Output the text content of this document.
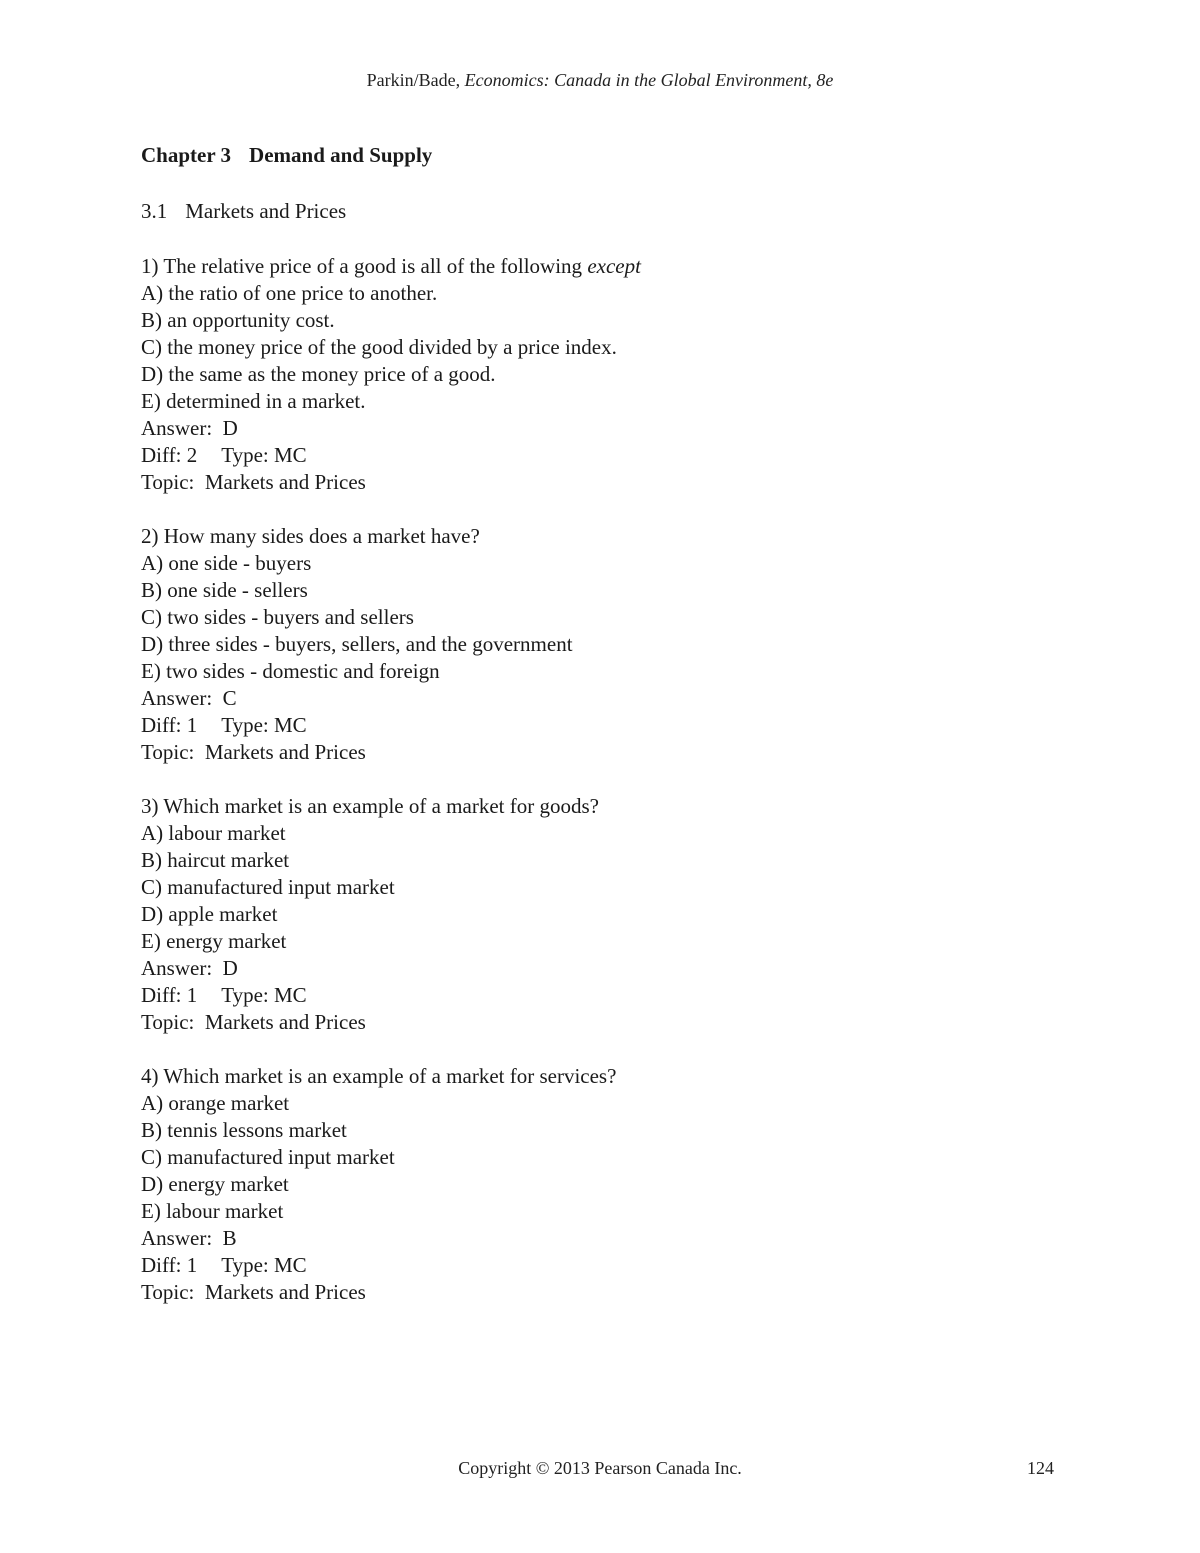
Parkin/Bade, Economics: Canada in the Global Environment, 8e
Chapter 3 Demand and Supply
3.1 Markets and Prices
1) The relative price of a good is all of the following except
A) the ratio of one price to another.
B) an opportunity cost.
C) the money price of the good divided by a price index.
D) the same as the money price of a good.
E) determined in a market.
Answer:  D
Diff: 2 Type: MC
Topic:  Markets and Prices
2) How many sides does a market have?
A) one side - buyers
B) one side - sellers
C) two sides - buyers and sellers
D) three sides - buyers, sellers, and the government
E) two sides - domestic and foreign
Answer:  C
Diff: 1 Type: MC
Topic:  Markets and Prices
3) Which market is an example of a market for goods?
A) labour market
B) haircut market
C) manufactured input market
D) apple market
E) energy market
Answer:  D
Diff: 1 Type: MC
Topic:  Markets and Prices
4) Which market is an example of a market for services?
A) orange market
B) tennis lessons market
C) manufactured input market
D) energy market
E) labour market
Answer:  B
Diff: 1 Type: MC
Topic:  Markets and Prices
Copyright © 2013 Pearson Canada Inc.	124
